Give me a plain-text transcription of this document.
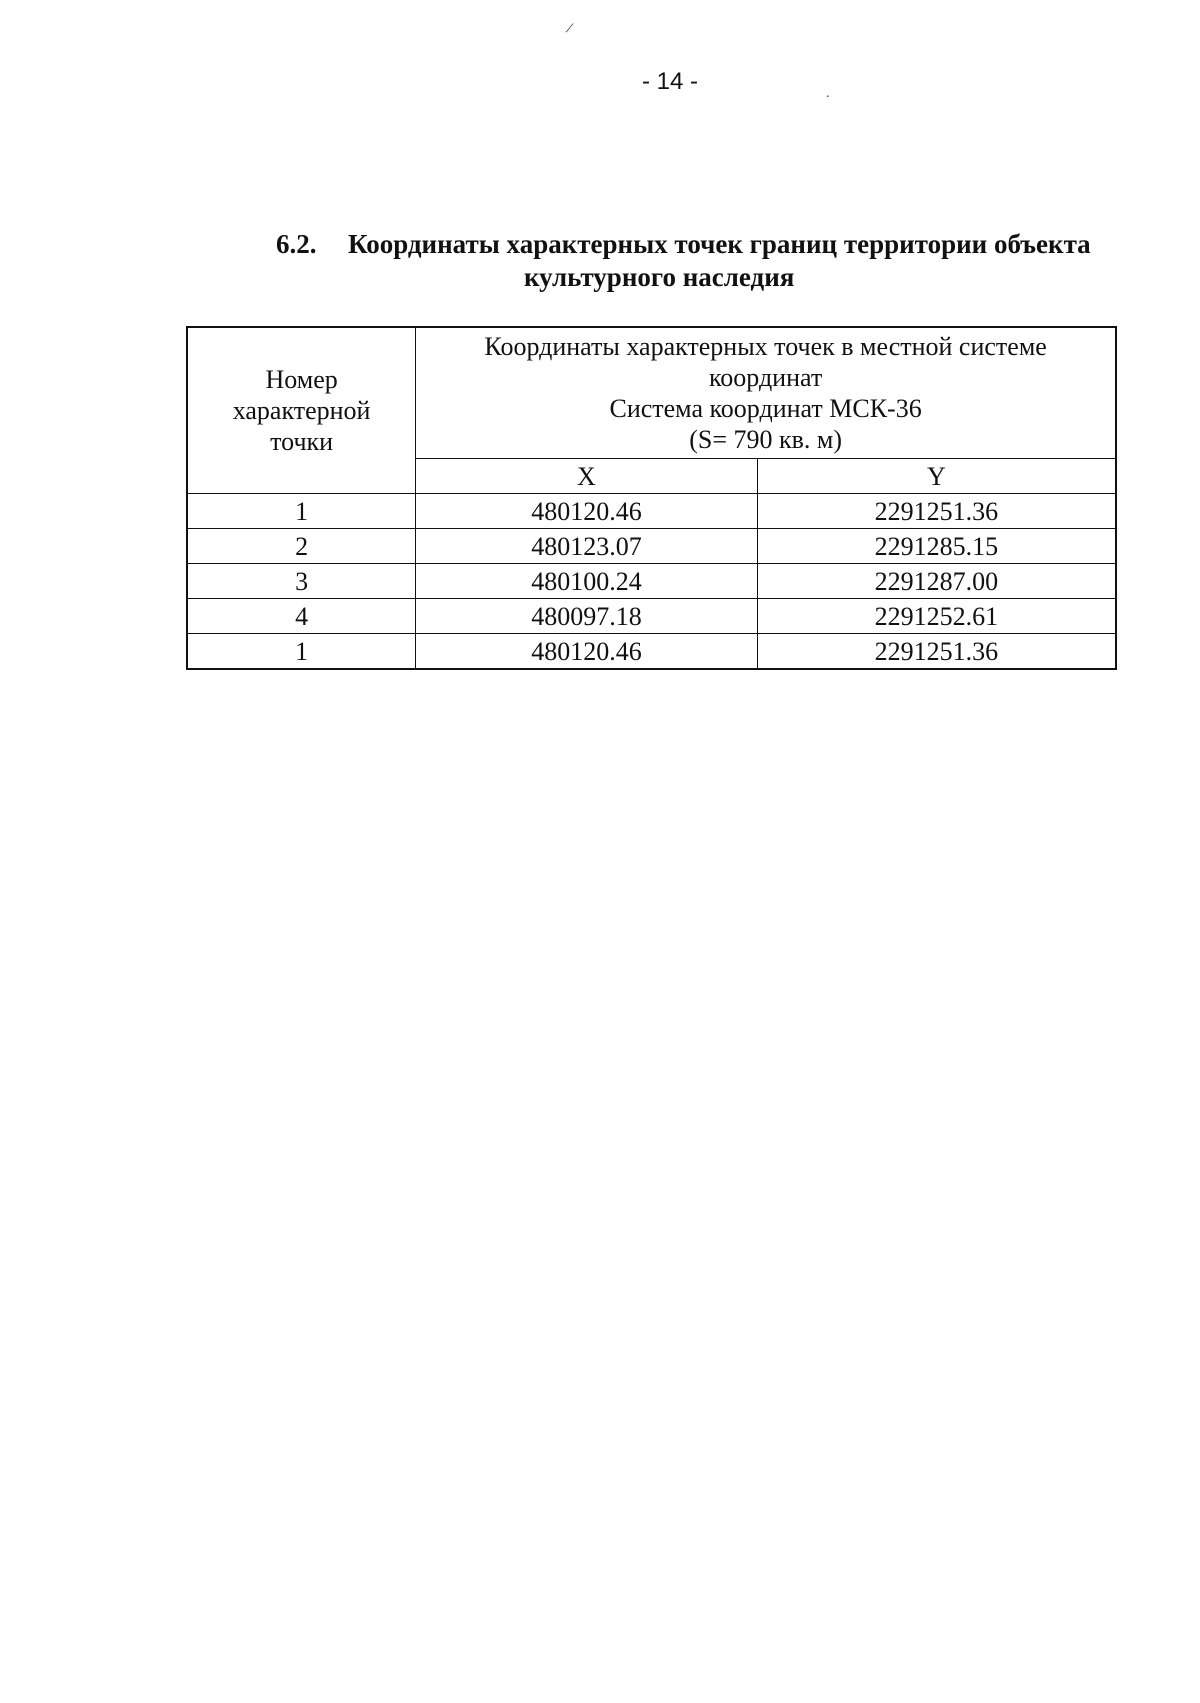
/
.
- 14 -
6.2.	Координаты характерных точек границ территории объекта
культурного наследия
Номер
характерной
точки	Координаты характерных точек в местной системе
координат
Система координат МСК-36
(S= 790 кв. м)	

	X	Y
1	480120.46	2291251.36
2	480123.07	2291285.15
3	480100.24	2291287.00
4	480097.18	2291252.61
1	480120.46	2291251.36
